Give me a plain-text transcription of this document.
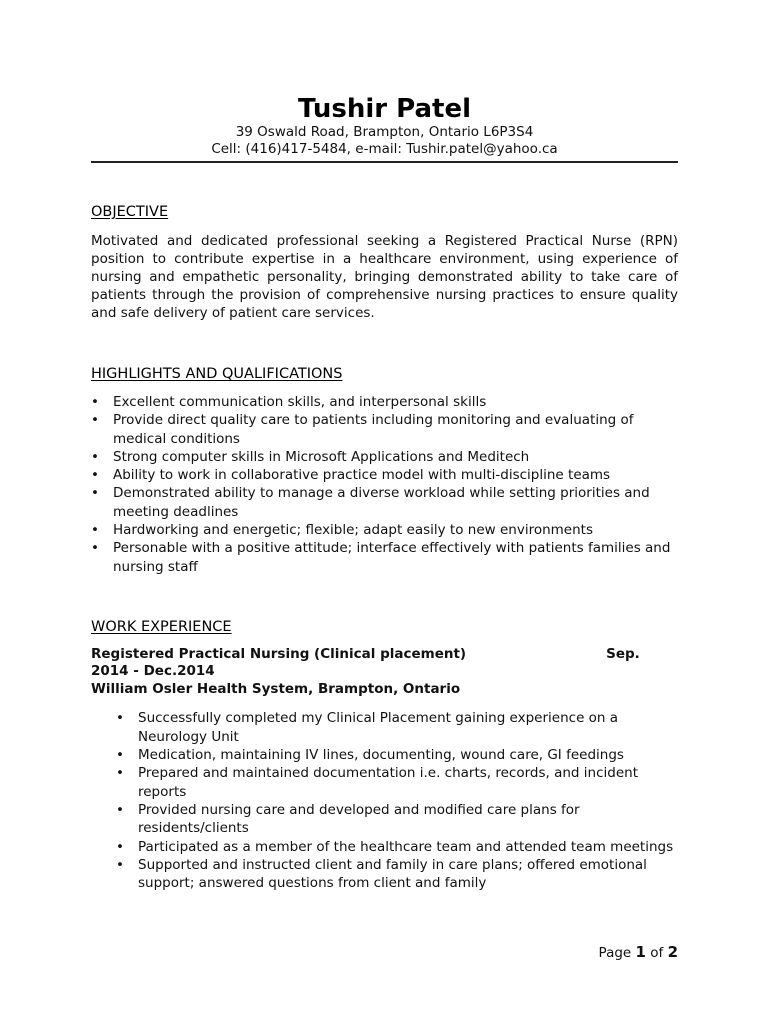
Tushir Patel

39 Oswald Road, Brampton, Ontario L6P3S4

Cell: (416)417-5484, e-mail: Tushir.patel@yahoo.ca

OBJECTIVE

Motivated and dedicated professional seeking a Registered Practical Nurse (RPN) position to contribute expertise in a healthcare environment, using experience of nursing and empathetic personality, bringing demonstrated ability to take care of patients through the provision of comprehensive nursing practices to ensure quality and safe delivery of patient care services.

HIGHLIGHTS AND QUALIFICATIONS
• Excellent communication skills, and interpersonal skills
• Provide direct quality care to patients including monitoring and evaluating of medical conditions
• Strong computer skills in Microsoft Applications and Meditech
• Ability to work in collaborative practice model with multi-discipline teams
• Demonstrated ability to manage a diverse workload while setting priorities and meeting deadlines
• Hardworking and energetic; flexible; adapt easily to new environments
• Personable with a positive attitude; interface effectively with patients families and nursing staff
WORK EXPERIENCE

Registered Practical Nursing (Clinical placement)	Sep.
2014 - Dec.2014

William Osler Health System, Brampton, Ontario

• Successfully completed my Clinical Placement gaining experience on a Neurology Unit
• Medication, maintaining IV lines, documenting, wound care, GI feedings
• Prepared and maintained documentation i.e. charts, records, and incident reports
• Provided nursing care and developed and modified care plans for residents/clients
• Participated as a member of the healthcare team and attended team meetings
• Supported and instructed client and family in care plans; offered emotional support; answered questions from client and family
Page 1 of 2
